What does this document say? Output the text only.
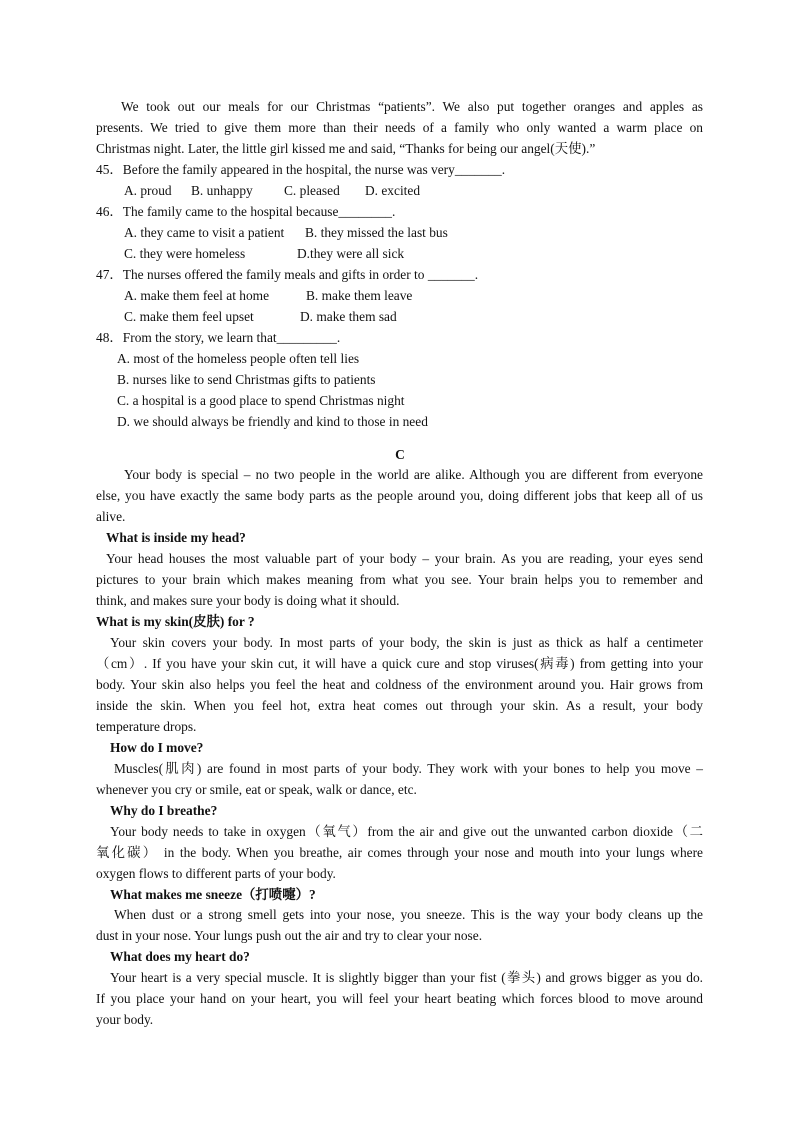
We took out our meals for our Christmas “patients”. We also put together oranges and apples as
presents. We tried to give them more than their needs of a family who only wanted a warm place on
Christmas night. Later, the little girl kissed me and said, “Thanks for being our angel(天使).”
45．Before the family appeared in the hospital, the nurse was very_______.
A. proud B. unhappy C. pleased D. excited
46．The family came to the hospital because________.
A. they came to visit a patient B. they missed the last bus
C. they were homeless	D.they were all sick
47．The nurses offered the family meals and gifts in order to _______.
A. make them feel at home	B. make them leave
C. make them feel upset	D. make them sad
48．From the story, we learn that_________.
A. most of the homeless people often tell lies
B. nurses like to send Christmas gifts to patients
C. a hospital is a good place to spend Christmas night
D. we should always be friendly and kind to those in need
C
Your body is special – no two people in the world are alike. Although you are different from everyone
else, you have exactly the same body parts as the people around you, doing different jobs that keep all of us
alive.
What is inside my head?
Your head houses the most valuable part of your body – your brain. As you are reading, your eyes send
pictures to your brain which makes meaning from what you see. Your brain helps you to remember and
think, and makes sure your body is doing what it should.
What is my skin(皮肤) for ?
Your skin covers your body. In most parts of your body, the skin is just as thick as half a centimeter
（cm）. If you have your skin cut, it will have a quick cure and stop viruses(病毒) from getting into your
body. Your skin also helps you feel the heat and coldness of the environment around you. Hair grows from
inside the skin. When you feel hot, extra heat comes out through your skin. As a result, your body
temperature drops.
How do I move?
Muscles(肌肉) are found in most parts of your body. They work with your bones to help you move –
whenever you cry or smile, eat or speak, walk or dance, etc.
Why do I breathe?
Your body needs to take in oxygen（氧气）from the air and give out the unwanted carbon dioxide（二
氧化碳） in the body. When you breathe, air comes through your nose and mouth into your lungs where
oxygen flows to different parts of your body.
What makes me sneeze（打喷嚏）?
When dust or a strong smell gets into your nose, you sneeze. This is the way your body cleans up the
dust in your nose. Your lungs push out the air and try to clear your nose.
What does my heart do?
Your heart is a very special muscle. It is slightly bigger than your fist (拳头) and grows bigger as you do.
If you place your hand on your heart, you will feel your heart beating which forces blood to move around
your body.
